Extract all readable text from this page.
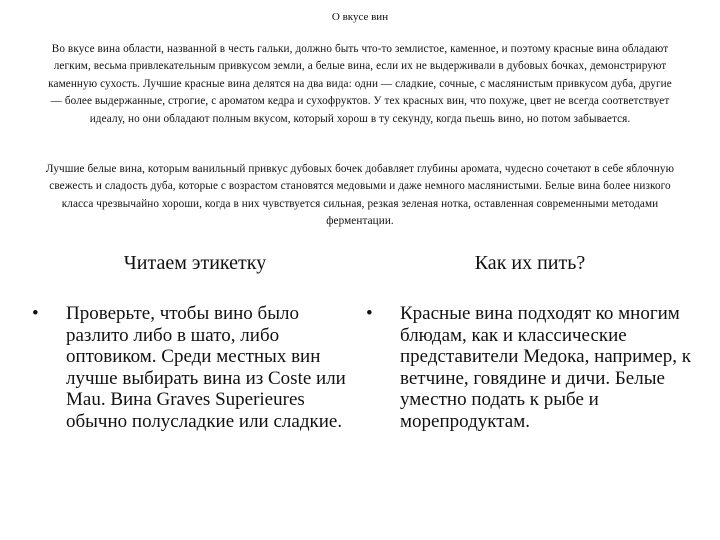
О вкусе вин

Во вкусе вина области, названной в честь гальки, должно быть что-то землистое, каменное, и поэтому красные вина обладают легким, весьма привлекательным привкусом земли, а белые вина, если их не выдерживали в дубовых бочках, демонстрируют каменную сухость. Лучшие красные вина делятся на два вида: одни — сладкие, сочные, с маслянистым привкусом дуба, другие — более выдержанные, строгие, с ароматом кедра и сухофруктов. У тех красных вин, что похуже, цвет не всегда соответствует идеалу, но они обладают полным вкусом, который хорош в ту секунду, когда пьешь вино, но потом забывается.

Лучшие белые вина, которым ванильный привкус дубовых бочек добавляет глубины аромата, чудесно сочетают в себе яблочную свежесть и сладость дуба, которые с возрастом становятся медовыми и даже немного маслянистыми. Белые вина более низкого класса чрезвычайно хороши, когда в них чувствуется сильная, резкая зеленая нотка, оставленная современными методами ферментации.

Читаем этикетку	Как их пить?
•	Проверьте, чтобы вино было разлито либо в шато, либо оптовиком. Среди местных вин лучше выбирать вина из Coste или Mau. Вина Graves Superieures обычно полусладкие или сладкие.
•	Красные вина подходят ко многим блюдам, как и классические представители Медока, например, к ветчине, говядине и дичи. Белые уместно подать к рыбе и морепродуктам.
